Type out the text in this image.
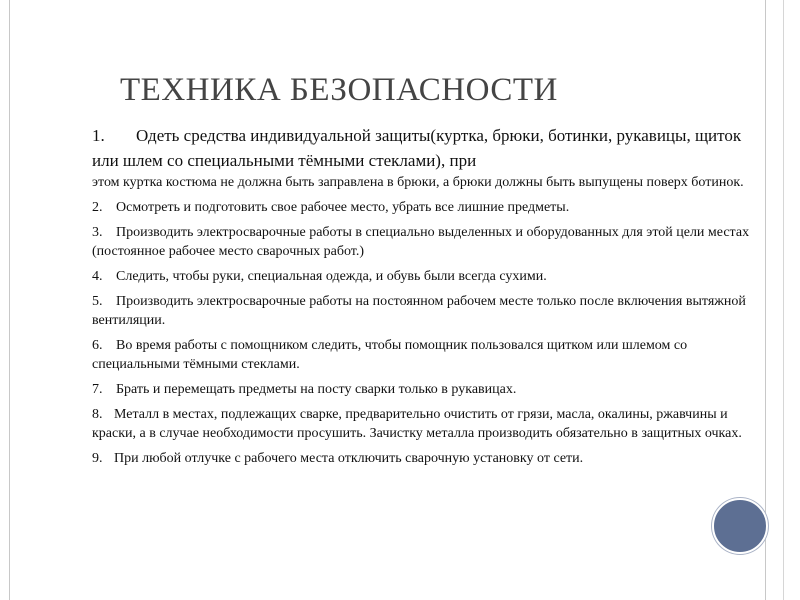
ТЕХНИКА БЕЗОПАСНОСТИ
1. Одеть средства индивидуальной защиты(куртка, брюки, ботинки, рукавицы, щиток или шлем со специальными тёмными стеклами), при
этом куртка костюма не должна быть заправлена в брюки, а брюки должны быть выпущены поверх ботинок.
2. Осмотреть и подготовить свое рабочее место, убрать все лишние предметы.
3. Производить электросварочные работы в специально выделенных и оборудованных для этой цели местах (постоянное рабочее место сварочных работ.)
4. Следить, чтобы руки, специальная одежда, и обувь были всегда сухими.
5. Производить электросварочные работы на постоянном рабочем месте только после включения вытяжной вентиляции.
6. Во время работы с помощником следить, чтобы помощник пользовался щитком или шлемом со специальными тёмными стеклами.
7. Брать и перемещать предметы на посту сварки только в рукавицах.
8. Металл в местах, подлежащих сварке, предварительно очистить от грязи, масла, окалины, ржавчины и краски, а в случае необходимости просушить. Зачистку металла производить обязательно в защитных очках.
9. При любой отлучке с рабочего места отключить сварочную установку от сети.
